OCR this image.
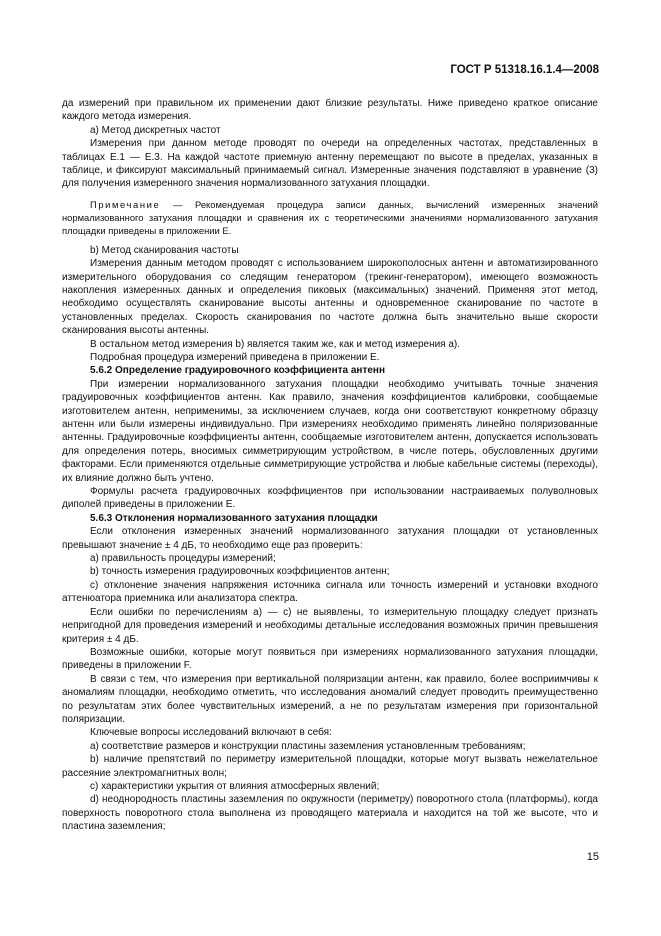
ГОСТ Р 51318.16.1.4—2008

да измерений при правильном их применении дают близкие результаты. Ниже приведено краткое описание каждого метода измерения.

a) Метод дискретных частот

Измерения при данном методе проводят по очереди на определенных частотах, представленных в таблицах Е.1 — Е.3. На каждой частоте приемную антенну перемещают по высоте в пределах, указанных в таблице, и фиксируют максимальный принимаемый сигнал. Измеренные значения подставляют в уравнение (3) для получения измеренного значения нормализованного затухания площадки.

Примечание — Рекомендуемая процедура записи данных, вычислений измеренных значений нормализованного затухания площадки и сравнения их с теоретическими значениями нормализованного затухания площадки приведены в приложении Е.

b) Метод сканирования частоты

Измерения данным методом проводят с использованием широкополосных антенн и автоматизированного измерительного оборудования со следящим генератором (трекинг-генератором), имеющего возможность накопления измеренных данных и определения пиковых (максимальных) значений. Применяя этот метод, необходимо осуществлять сканирование высоты антенны и одновременное сканирование по частоте в установленных пределах. Скорость сканирования по частоте должна быть значительно выше скорости сканирования высоты антенны.

В остальном метод измерения b) является таким же, как и метод измерения а).

Подробная процедура измерений приведена в приложении Е.

5.6.2 Определение градуировочного коэффициента антенн

При измерении нормализованного затухания площадки необходимо учитывать точные значения градуировочных коэффициентов антенн. Как правило, значения коэффициентов калибровки, сообщаемые изготовителем антенн, неприменимы, за исключением случаев, когда они соответствуют конкретному образцу антенн или были измерены индивидуально. При измерениях необходимо применять линейно поляризованные антенны. Градуировочные коэффициенты антенн, сообщаемые изготовителем антенн, допускается использовать для определения потерь, вносимых симметрирующим устройством, в числе потерь, обусловленных другими факторами. Если применяются отдельные симметрирующие устройства и любые кабельные системы (переходы), их влияние должно быть учтено.

Формулы расчета градуировочных коэффициентов при использовании настраиваемых полуволновых диполей приведены в приложении Е.

5.6.3 Отклонения нормализованного затухания площадки

Если отклонения измеренных значений нормализованного затухания площадки от установленных превышают значение ± 4 дБ, то необходимо еще раз проверить:

a) правильность процедуры измерений;

b) точность измерения градуировочных коэффициентов антенн;

c) отклонение значения напряжения источника сигнала или точность измерений и установки входного аттенюатора приемника или анализатора спектра.

Если ошибки по перечислениям а) — с) не выявлены, то измерительную площадку следует признать непригодной для проведения измерений и необходимы детальные исследования возможных причин превышения критерия ± 4 дБ.

Возможные ошибки, которые могут появиться при измерениях нормализованного затухания площадки, приведены в приложении F.

В связи с тем, что измерения при вертикальной поляризации антенн, как правило, более восприимчивы к аномалиям площадки, необходимо отметить, что исследования аномалий следует проводить преимущественно по результатам этих более чувствительных измерений, а не по результатам измерения при горизонтальной поляризации.

Ключевые вопросы исследований включают в себя:

a) соответствие размеров и конструкции пластины заземления установленным требованиям;

b) наличие препятствий по периметру измерительной площадки, которые могут вызвать нежелательное рассеяние электромагнитных волн;

c) характеристики укрытия от влияния атмосферных явлений;

d) неоднородность пластины заземления по окружности (периметру) поворотного стола (платформы), когда поверхность поворотного стола выполнена из проводящего материала и находится на той же высоте, что и пластина заземления;

15
